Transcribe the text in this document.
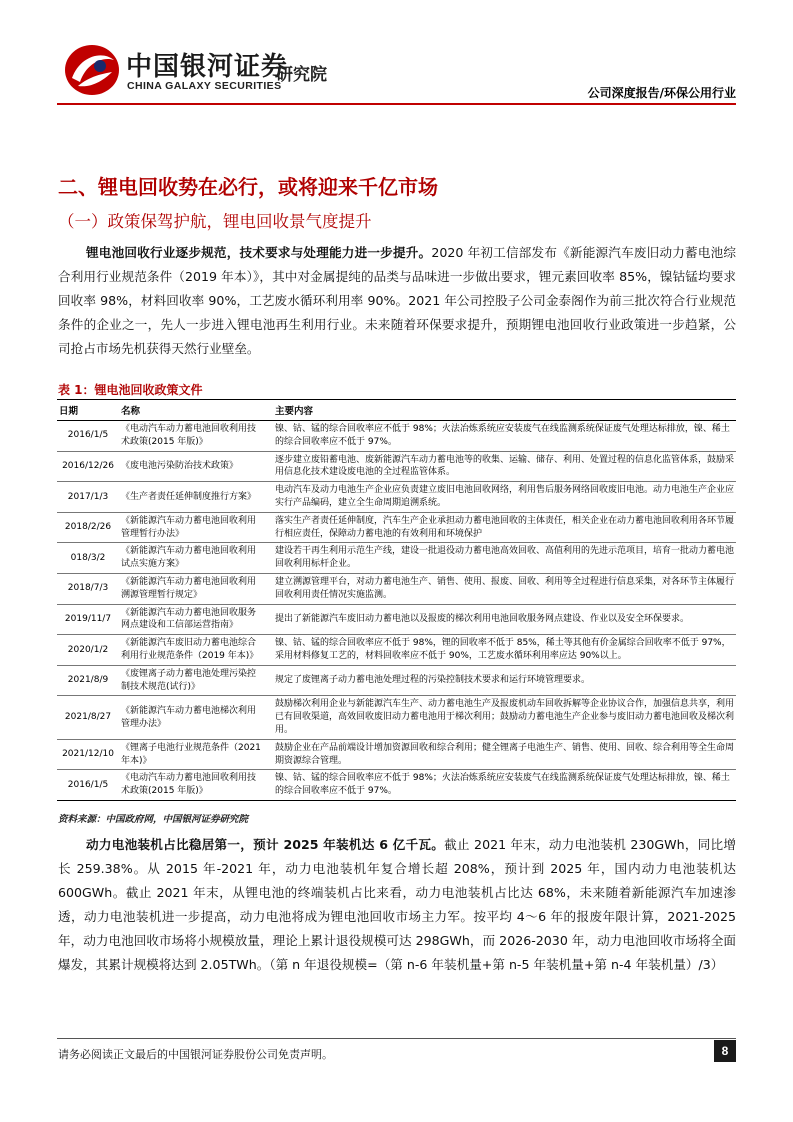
中国银河证券
CHINA GALAXY SECURITIES
研究院
公司深度报告/环保公用行业
二、锂电回收势在必行，或将迎来千亿市场
（一）政策保驾护航，锂电回收景气度提升
锂电池回收行业逐步规范，技术要求与处理能力进一步提升。2020 年初工信部发布《新能源汽车废旧动力蓄电池综合利用行业规范条件（2019 年本）》，其中对金属提纯的品类与品味进一步做出要求，锂元素回收率 85%，镍钴锰均要求回收率 98%，材料回收率 90%，工艺废水循环利用率 90%。2021 年公司控股子公司金泰阁作为前三批次符合行业规范条件的企业之一，先人一步进入锂电池再生利用行业。未来随着环保要求提升，预期锂电池回收行业政策进一步趋紧，公司抢占市场先机获得天然行业壁垒。
表 1：锂电池回收政策文件
日期	名称		主要内容
2016/1/5	《电动汽车动力蓄电池回收利用技术政策(2015 年版)》		镍、钴、锰的综合回收率应不低于 98%；火法冶炼系统应安装废气在线监测系统保证废气处理达标排放，镍、稀土的综合回收率应不低于 97%。
2016/12/26	《废电池污染防治技术政策》		逐步建立废铅蓄电池、废新能源汽车动力蓄电池等的收集、运输、储存、利用、处置过程的信息化监管体系，鼓励采用信息化技术建设废电池的全过程监管体系。
2017/1/3	《生产者责任延伸制度推行方案》		电动汽车及动力电池生产企业应负责建立废旧电池回收网络，利用售后服务网络回收废旧电池。动力电池生产企业应实行产品编码，建立全生命周期追溯系统。
2018/2/26	《新能源汽车动力蓄电池回收利用管理暂行办法》		落实生产者责任延伸制度，汽车生产企业承担动力蓄电池回收的主体责任，相关企业在动力蓄电池回收利用各环节履行相应责任，保障动力蓄电池的有效利用和环境保护
018/3/2	《新能源汽车动力蓄电池回收利用试点实施方案》		建设若干再生利用示范生产线，建设一批退役动力蓄电池高效回收、高值利用的先进示范项目，培育一批动力蓄电池回收利用标杆企业。
2018/7/3	《新能源汽车动力蓄电池回收利用溯源管理暂行规定》		建立溯源管理平台，对动力蓄电池生产、销售、使用、报废、回收、利用等全过程进行信息采集，对各环节主体履行回收利用责任情况实施监测。
2019/11/7	《新能源汽车动力蓄电池回收服务网点建设和工信部运营指南》		提出了新能源汽车废旧动力蓄电池以及报废的梯次利用电池回收服务网点建设、作业以及安全环保要求。
2020/1/2	《新能源汽车废旧动力蓄电池综合利用行业规范条件（2019 年本)》		镍、钴、锰的综合回收率应不低于 98%，锂的回收率不低于 85%，稀土等其他有价金属综合回收率不低于 97%，采用材料修复工艺的，材料回收率应不低于 90%，工艺废水循环利用率应达 90%以上。
2021/8/9	《废锂离子动力蓄电池处理污染控制技术规范(试行)》		规定了废锂离子动力蓄电池处理过程的污染控制技术要求和运行环境管理要求。
2021/8/27	《新能源汽车动力蓄电池梯次利用管理办法》		鼓励梯次利用企业与新能源汽车生产、动力蓄电池生产及报废机动车回收拆解等企业协议合作，加强信息共享，利用已有回收渠道，高效回收废旧动力蓄电池用于梯次利用；鼓励动力蓄电池生产企业参与废旧动力蓄电池回收及梯次利用。
2021/12/10	《锂离子电池行业规范条件（2021 年本)》		鼓励企业在产品前端设计增加资源回收和综合利用；健全锂离子电池生产、销售、使用、回收、综合利用等全生命周期资源综合管理。
2016/1/5	《电动汽车动力蓄电池回收利用技术政策(2015 年版)》		镍、钴、锰的综合回收率应不低于 98%；火法冶炼系统应安装废气在线监测系统保证废气处理达标排放，镍、稀土的综合回收率应不低于 97%。
资料来源：中国政府网，中国银河证券研究院
动力电池装机占比稳居第一，预计 2025 年装机达 6 亿千瓦。截止 2021 年末，动力电池装机 230GWh，同比增长 259.38%。从 2015 年-2021 年，动力电池装机年复合增长超 208%，预计到 2025 年，国内动力电池装机达 600GWh。截止 2021 年末，从锂电池的终端装机占比来看，动力电池装机占比达 68%，未来随着新能源汽车加速渗透，动力电池装机进一步提高，动力电池将成为锂电池回收市场主力军。按平均 4～6 年的报废年限计算，2021-2025 年，动力电池回收市场将小规模放量，理论上累计退役规模可达 298GWh，而 2026-2030 年，动力电池回收市场将全面爆发，其累计规模将达到 2.05TWh。（第 n 年退役规模=（第 n-6 年装机量+第 n-5 年装机量+第 n-4 年装机量）/3）
请务必阅读正文最后的中国银河证券股份公司免责声明。	8
